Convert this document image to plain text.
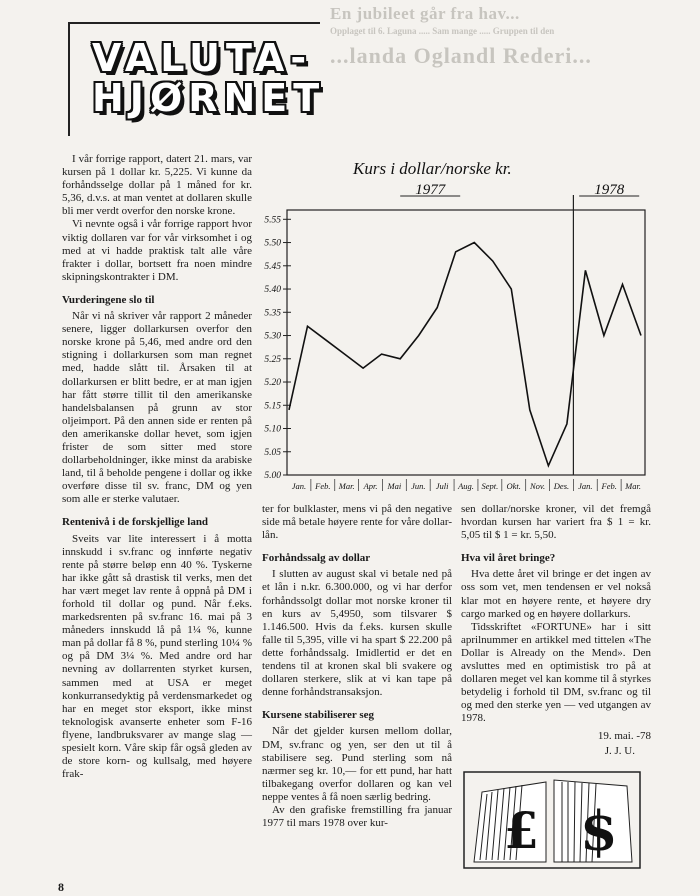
En jubileet går fra hav...
Opplaget til 6. Laguna ..... Sam mange ..... Gruppen til den
...landa Oglandl Rederi...
VALUTA-
HJØRNET

I vår forrige rapport, datert 21. mars, var kursen på 1 dollar kr. 5,225. Vi kunne da forhåndsselge dollar på 1 måned for kr. 5,36, d.v.s. at man ventet at dollaren skulle bli mer verdt overfor den norske krone.

Vi nevnte også i vår forrige rapport hvor viktig dollaren var for vår virksomhet i og med at vi hadde praktisk talt alle våre frakter i dollar, bortsett fra noen mindre skipningskontrakter i DM.

Vurderingene slo til

Når vi nå skriver vår rapport 2 måneder senere, ligger dollarkursen overfor den norske krone på 5,46, med andre ord den stigning i dollarkursen som man regnet med, hadde slått til. Årsaken til at dollarkursen er blitt bedre, er at man igjen har fått større tillit til den amerikanske handelsbalansen på grunn av stor oljeimport. På den annen side er renten på den amerikanske dollar hevet, som igjen frister de som sitter med store dollarbeholdninger, ikke minst da arabiske land, til å beholde pengene i dollar og ikke overføre disse til sv. franc, DM og yen som alle er sterke valutaer.

Rentenivå i de forskjellige land

Sveits var lite interessert i å motta innskudd i sv.franc og innførte negativ rente på større beløp enn 40 %. Tyskerne har ikke gått så drastisk til verks, men det har vært meget lav rente å oppnå på DM i forhold til dollar og pund. Når f.eks. markedsrenten på sv.franc 16. mai på 3 måneders innskudd lå på 1¼ %, kunne man på dollar få 8 %, pund sterling 10¼ % og på DM 3¼ %. Med andre ord har nevning av dollarrenten styrket kursen, sammen med at USA er meget konkurransedyktig på verdensmarkedet og har en meget stor eksport, ikke minst teknologisk avanserte enheter som F-16 flyene, landbruksvarer av mange slag — spesielt korn. Våre skip får også gleden av de store korn- og kullsalg, med høyere frak-

Kurs i dollar/norske kr.
1977	1978
5.55
5.50
5.45
5.40
5.35
5.30
5.25
5.20
5.15
5.10
5.05
5.00
Jan. Feb. Mar. Apr. Mai Jun. Juli Aug. Sept. Okt. Nov. Des. Jan. Feb. Mar.

ter for bulklaster, mens vi på den negative side må betale høyere rente for våre dollar-lån.

Forhåndssalg av dollar

I slutten av august skal vi betale ned på et lån i n.kr. 6.300.000, og vi har derfor forhåndssolgt dollar mot norske kroner til en kurs av 5,4950, som tilsvarer $ 1.146.500. Hvis da f.eks. kursen skulle falle til 5,395, ville vi ha spart $ 22.200 på dette forhåndssalg. Imidlertid er det en tendens til at kronen skal bli svakere og dollaren sterkere, slik at vi kan tape på denne forhåndstransaksjon.

Kursene stabiliserer seg

Når det gjelder kursen mellom dollar, DM, sv.franc og yen, ser den ut til å stabilisere seg. Pund sterling som nå nærmer seg kr. 10,— for ett pund, har hatt tilbakegang overfor dollaren og kan vel neppe ventes å få noen særlig bedring.

Av den grafiske fremstilling fra januar 1977 til mars 1978 over kur-

sen dollar/norske kroner, vil det fremgå hvordan kursen har variert fra $ 1 = kr. 5,05 til $ 1 = kr. 5,50.

Hva vil året bringe?

Hva dette året vil bringe er det ingen av oss som vet, men tendensen er vel nokså klar mot en høyere rente, et høyere dry cargo marked og en høyere dollarkurs.

Tidsskriftet «FORTUNE» har i sitt aprilnummer en artikkel med tittelen «The Dollar is Already on the Mend». Den avsluttes med en optimistisk tro på at dollaren meget vel kan komme til å styrkes betydelig i forhold til DM, sv.franc og til og med den sterke yen — ved utgangen av 1978.

19. mai. -78

J. J. U.

£ $
8
